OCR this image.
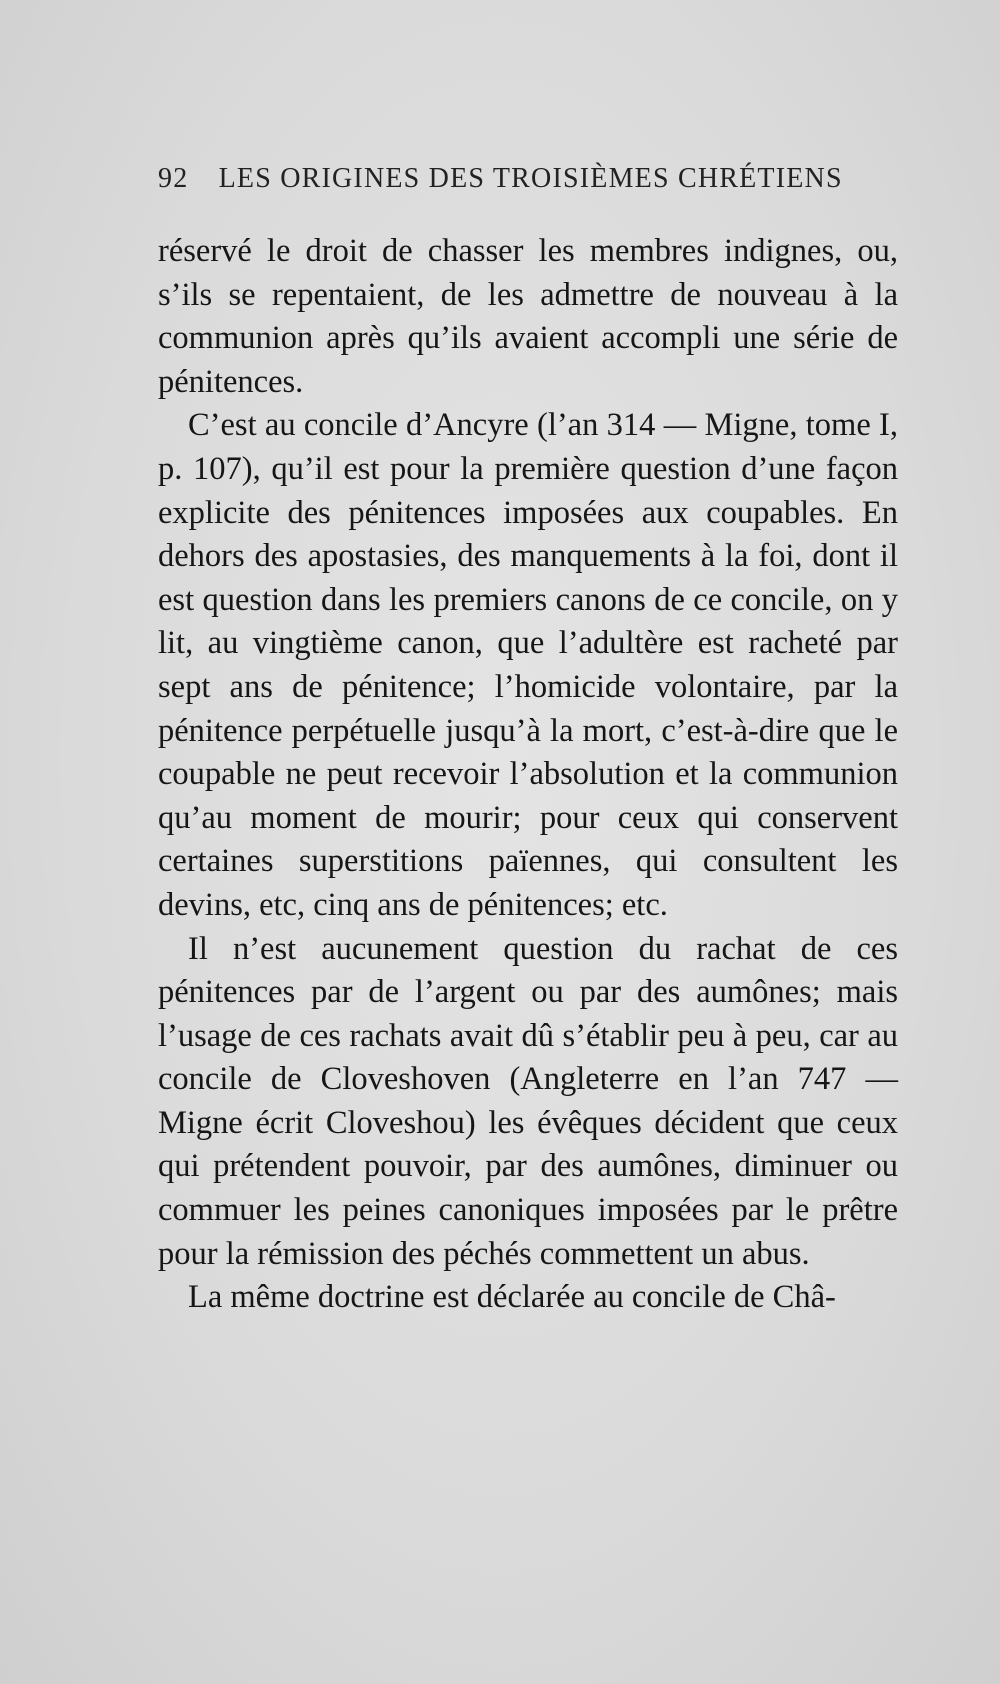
92 LES ORIGINES DES TROISIÈMES CHRÉTIENS

réservé le droit de chasser les membres indignes, ou, s’ils se repentaient, de les admettre de nouveau à la communion après qu’ils avaient accompli une série de pénitences.

C’est au concile d’Ancyre (l’an 314 — Migne, tome I, p. 107), qu’il est pour la première question d’une façon explicite des pénitences imposées aux coupables. En dehors des apostasies, des manquements à la foi, dont il est question dans les premiers canons de ce concile, on y lit, au vingtième canon, que l’adultère est racheté par sept ans de pénitence; l’homicide volontaire, par la pénitence perpétuelle jusqu’à la mort, c’est-à-dire que le coupable ne peut recevoir l’absolution et la communion qu’au moment de mourir; pour ceux qui conservent certaines superstitions païennes, qui consultent les devins, etc, cinq ans de pénitences; etc.

Il n’est aucunement question du rachat de ces pénitences par de l’argent ou par des aumônes; mais l’usage de ces rachats avait dû s’établir peu à peu, car au concile de Cloveshoven (Angleterre en l’an 747 — Migne écrit Cloveshou) les évêques décident que ceux qui prétendent pouvoir, par des aumônes, diminuer ou commuer les peines canoniques imposées par le prêtre pour la rémission des péchés commettent un abus.

La même doctrine est déclarée au concile de Châ-
